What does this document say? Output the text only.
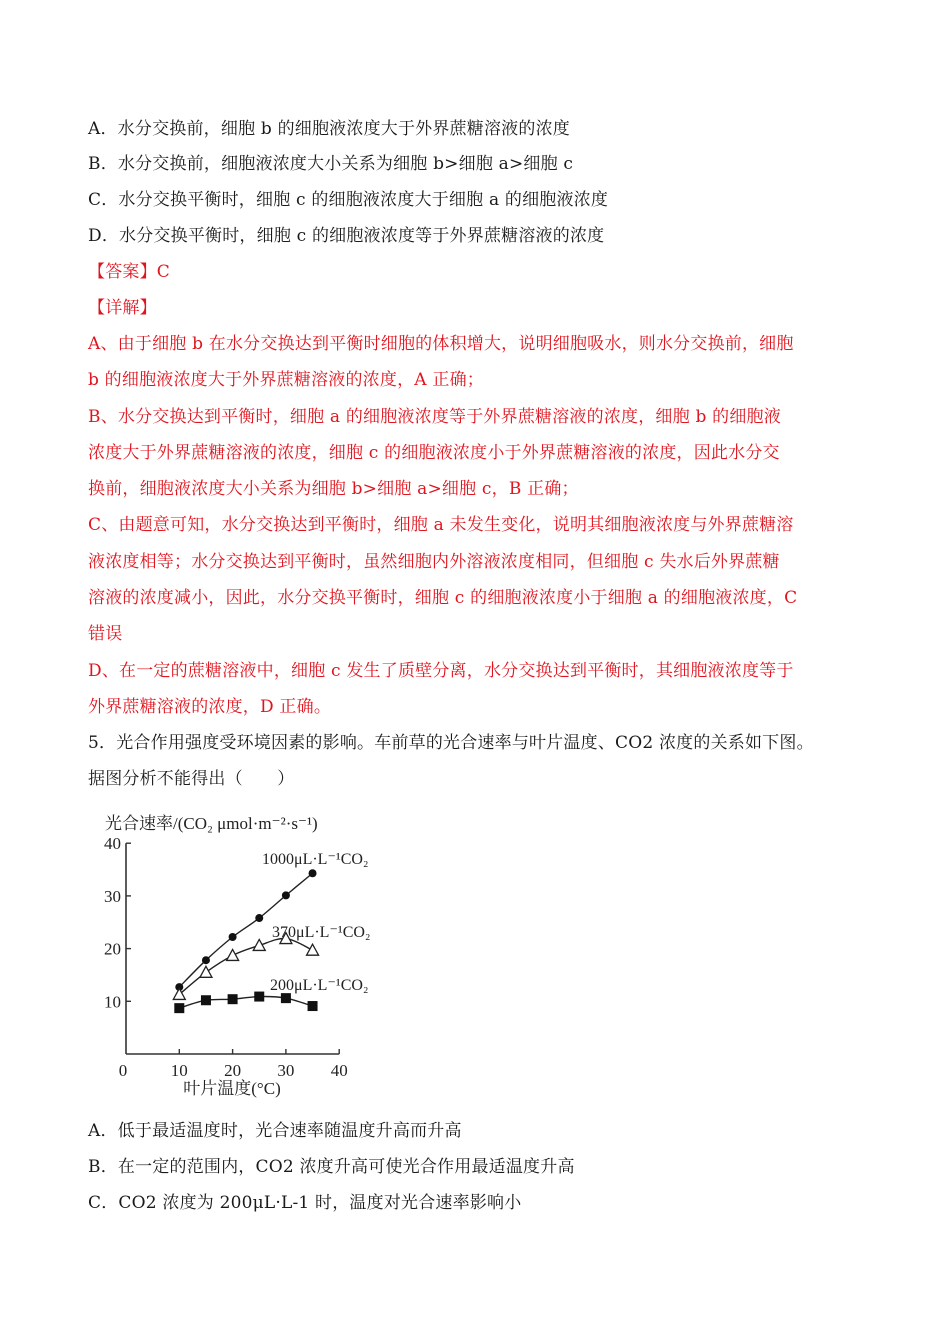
A．水分交换前，细胞 b 的细胞液浓度大于外界蔗糖溶液的浓度
B．水分交换前，细胞液浓度大小关系为细胞 b>细胞 a>细胞 c
C．水分交换平衡时，细胞 c 的细胞液浓度大于细胞 a 的细胞液浓度
D．水分交换平衡时，细胞 c 的细胞液浓度等于外界蔗糖溶液的浓度
【答案】C
【详解】
A、由于细胞 b 在水分交换达到平衡时细胞的体积增大，说明细胞吸水，则水分交换前，细胞
b 的细胞液浓度大于外界蔗糖溶液的浓度，A 正确；
B、水分交换达到平衡时，细胞 a 的细胞液浓度等于外界蔗糖溶液的浓度，细胞 b 的细胞液
浓度大于外界蔗糖溶液的浓度，细胞 c 的细胞液浓度小于外界蔗糖溶液的浓度，因此水分交
换前，细胞液浓度大小关系为细胞 b>细胞 a>细胞 c，B 正确；
C、由题意可知，水分交换达到平衡时，细胞 a 未发生变化，说明其细胞液浓度与外界蔗糖溶
液浓度相等；水分交换达到平衡时，虽然细胞内外溶液浓度相同，但细胞 c 失水后外界蔗糖
溶液的浓度减小，因此，水分交换平衡时，细胞 c 的细胞液浓度小于细胞 a 的细胞液浓度，C
错误
D、在一定的蔗糖溶液中，细胞 c 发生了质壁分离，水分交换达到平衡时，其细胞液浓度等于
外界蔗糖溶液的浓度，D 正确。
5．光合作用强度受环境因素的影响。车前草的光合速率与叶片温度、CO2 浓度的关系如下图。
据图分析不能得出（　　）
10
20
30
40
0	10 20 30 40
光合速率/(CO₂ μmol·m⁻²·s⁻¹)
叶片温度(°C)
1000μL·L⁻¹CO₂
370μL·L⁻¹CO₂
200μL·L⁻¹CO₂
A．低于最适温度时，光合速率随温度升高而升高
B．在一定的范围内，CO2 浓度升高可使光合作用最适温度升高
C．CO2 浓度为 200μL·L-1 时，温度对光合速率影响小
